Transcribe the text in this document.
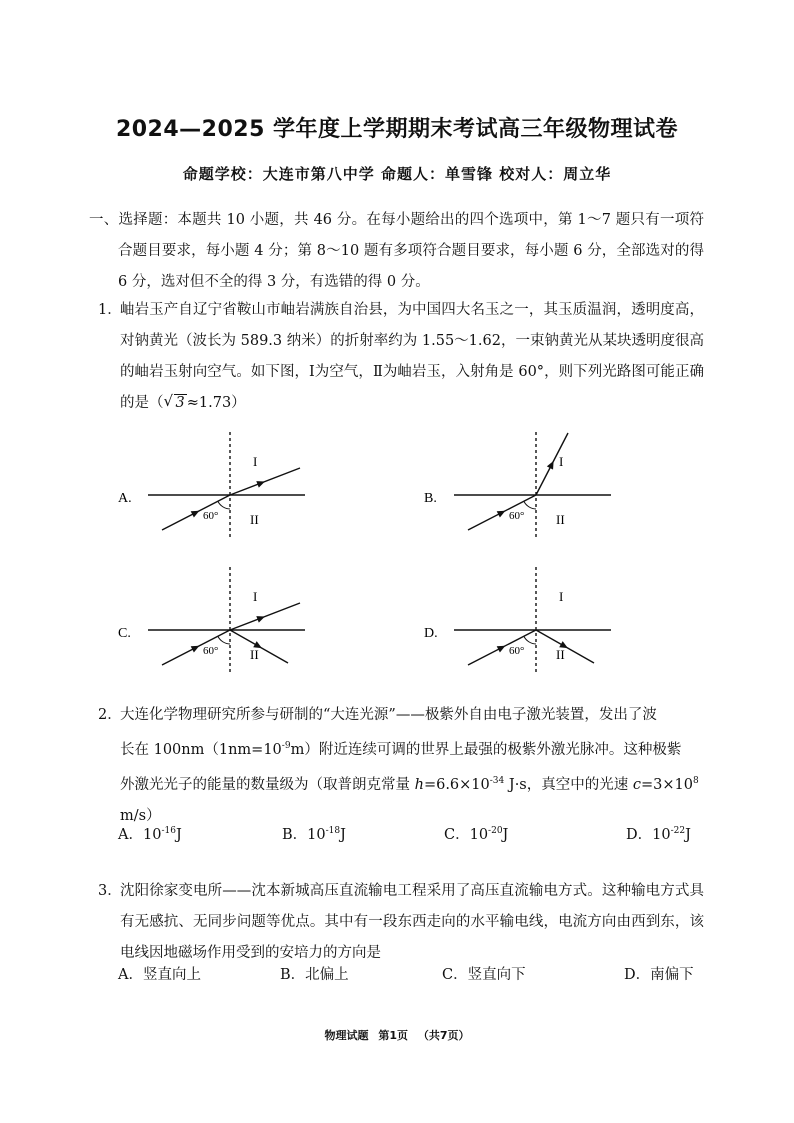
2024—2025 学年度上学期期末考试高三年级物理试卷
命题学校：大连市第八中学 命题人：单雪锋 校对人：周立华
一、选择题：本题共 10 小题，共 46 分。在每小题给出的四个选项中，第 1～7 题只有一项符合题目要求，每小题 4 分；第 8～10 题有多项符合题目要求，每小题 6 分，全部选对的得 6 分，选对但不全的得 3 分，有选错的得 0 分。
1．
岫岩玉产自辽宁省鞍山市岫岩满族自治县，为中国四大名玉之一，其玉质温润，透明度高，对钠黄光（波长为 589.3 纳米）的折射率约为 1.55～1.62，一束钠黄光从某块透明度很高的岫岩玉射向空气。如下图，Ⅰ为空气，Ⅱ为岫岩玉，入射角是 60°，则下列光路图可能正确的是（ √ 3 ≈1.73）
A.
I
II
60°
B.
I
II
60°
C.
I
II
60°
D.
I
II
60°
2．
大连化学物理研究所参与研制的“大连光源”——极紫外自由电子激光装置，发出了波
长在 $100nm(1nm=10^{-9}m)$附近连续可调的世界上最强的极紫外激光脉冲。这种极紫
外激光光子的能量的数量级为（取普朗克常量 $h=6.6\times 10^{-34}$ J·s，真空中的光速 $c=3\times 10^8$
m/s）
A．$10^{-16}J$	B．$10^{-18}J$	C．$10^{-20}J$	D．$10^{-22}J$
3．
沈阳徐家变电所——沈本新城高压直流输电工程采用了高压直流输电方式。这种输电方式具有无感抗、无同步问题等优点。其中有一段东西走向的水平输电线，电流方向由西到东，该电线因地磁场作用受到的安培力的方向是
A．竖直向上	B．北偏上	C．竖直向下	D．南偏下
物理试题 第1页 （共7页）
